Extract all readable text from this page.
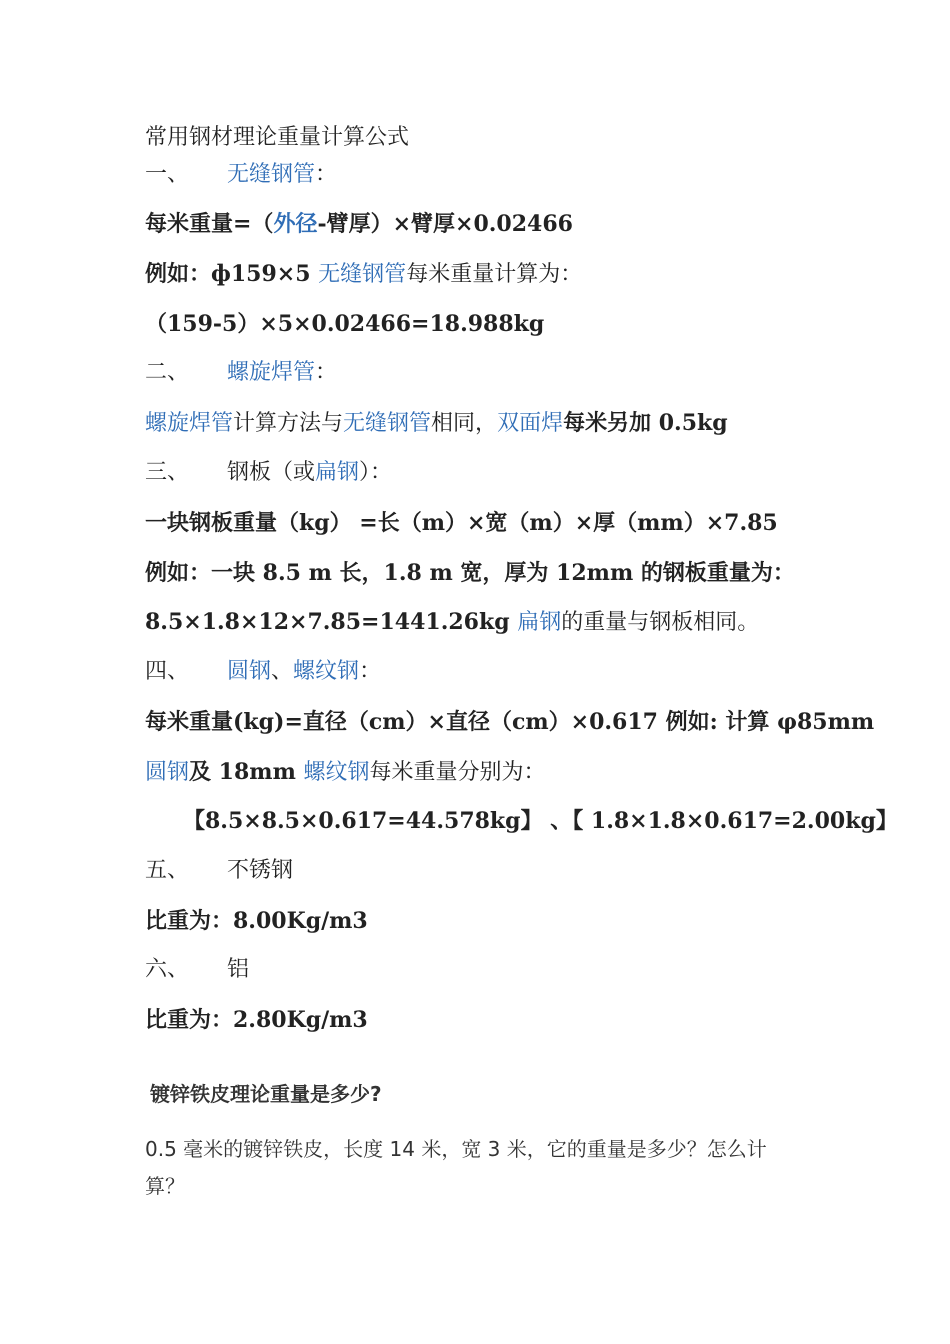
常用钢材理论重量计算公式
一、 无缝钢管：
每米重量=（外径-臂厚）×臂厚×0.02466
例如：ф159×5 无缝钢管每米重量计算为：
（159-5）×5×0.02466=18.988kg
二、 螺旋焊管：
螺旋焊管计算方法与无缝钢管相同，双面焊每米另加 0.5kg
三、 钢板（或扁钢）：
一块钢板重量（kg） =长（m）×宽（m）×厚（mm）×7.85
例如：一块 8.5 m 长，1.8 m 宽，厚为 12mm 的钢板重量为：
8.5×1.8×12×7.85=1441.26kg 扁钢的重量与钢板相同。
四、 圆钢、螺纹钢：
每米重量(kg)=直径（cm）×直径（cm）×0.617 例如: 计算 φ85mm
圆钢及 18mm 螺纹钢每米重量分别为：
【8.5×8.5×0.617=44.578kg】 、【 1.8×1.8×0.617=2.00kg】
五、 不锈钢
比重为：8.00Kg/m3
六、 铝
比重为：2.80Kg/m3
镀锌铁皮理论重量是多少?
0.5 毫米的镀锌铁皮，长度 14 米，宽 3 米，它的重量是多少？怎么计
算？
